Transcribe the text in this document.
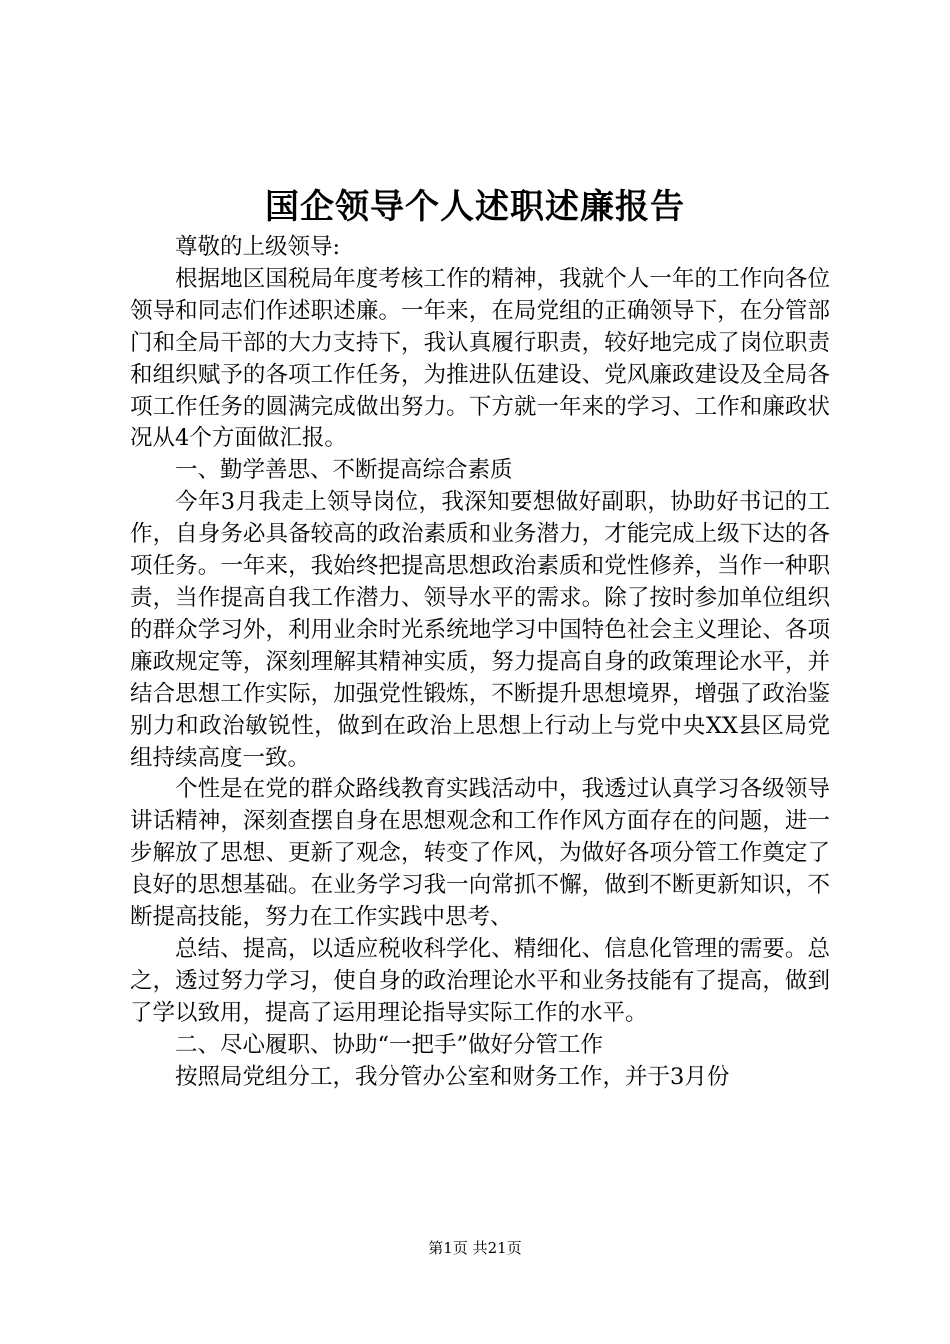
国企领导个人述职述廉报告

尊敬的上级领导:

根据地区国税局年度考核工作的精神，我就个人一年的工作向各位领导和同志们作述职述廉。一年来，在局党组的正确领导下，在分管部门和全局干部的大力支持下，我认真履行职责，较好地完成了岗位职责和组织赋予的各项工作任务，为推进队伍建设、党风廉政建设及全局各项工作任务的圆满完成做出努力。下方就一年来的学习、工作和廉政状况从4个方面做汇报。

一、勤学善思、不断提高综合素质

今年3月我走上领导岗位，我深知要想做好副职，协助好书记的工作，自身务必具备较高的政治素质和业务潜力，才能完成上级下达的各项任务。一年来，我始终把提高思想政治素质和党性修养，当作一种职责，当作提高自我工作潜力、领导水平的需求。除了按时参加单位组织的群众学习外，利用业余时光系统地学习中国特色社会主义理论、各项廉政规定等，深刻理解其精神实质，努力提高自身的政策理论水平，并结合思想工作实际，加强党性锻炼，不断提升思想境界，增强了政治鉴别力和政治敏锐性，做到在政治上思想上行动上与党中央XX县区局党组持续高度一致。

个性是在党的群众路线教育实践活动中，我透过认真学习各级领导讲话精神，深刻查摆自身在思想观念和工作作风方面存在的问题，进一步解放了思想、更新了观念，转变了作风，为做好各项分管工作奠定了良好的思想基础。在业务学习我一向常抓不懈，做到不断更新知识，不断提高技能，努力在工作实践中思考、

总结、提高，以适应税收科学化、精细化、信息化管理的需要。总之，透过努力学习，使自身的政治理论水平和业务技能有了提高，做到了学以致用，提高了运用理论指导实际工作的水平。

二、尽心履职、协助“一把手”做好分管工作

按照局党组分工，我分管办公室和财务工作，并于3月份

第1页 共21页
